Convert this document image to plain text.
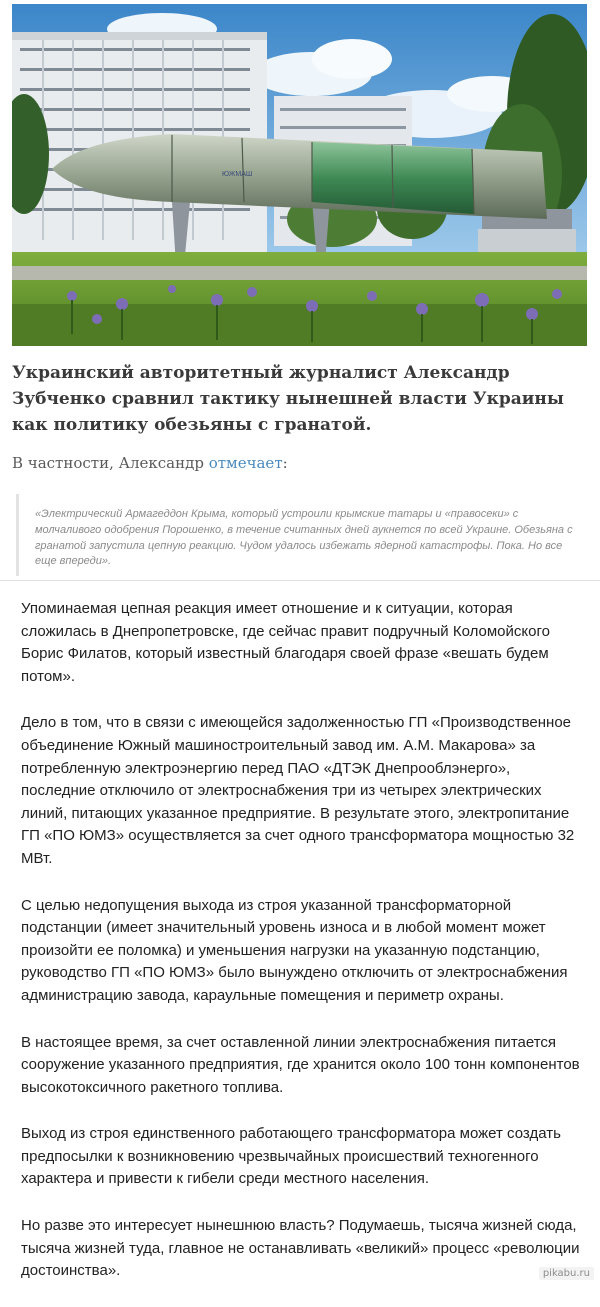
ЮЖМАШ

Украинский авторитетный журналист Александр Зубченко сравнил тактику нынешней власти Украины как политику обезьяны с гранатой.

В частности, Александр отмечает:

«Электрический Армагеддон Крыма, который устроили крымские татары и «правосеки» с молчаливого одобрения Порошенко, в течение считанных дней аукнется по всей Украине. Обезьяна с гранатой запустила цепную реакцию. Чудом удалось избежать ядерной катастрофы. Пока. Но все еще впереди».

Упоминаемая цепная реакция имеет отношение и к ситуации, которая сложилась в Днепропетровске, где сейчас правит подручный Коломойского Борис Филатов, который известный благодаря своей фразе «вешать будем потом».

Дело в том, что в связи с имеющейся задолженностью ГП «Производственное объединение Южный машиностроительный завод им. А.М. Макарова» за потребленную электроэнергию перед ПАО «ДТЭК Днепрооблэнерго», последние отключило от электроснабжения три из четырех электрических линий, питающих указанное предприятие. В результате этого, электропитание ГП «ПО ЮМЗ» осуществляется за счет одного трансформатора мощностью 32 МВт.

С целью недопущения выхода из строя указанной трансформаторной подстанции (имеет значительный уровень износа и в любой момент может произойти ее поломка) и уменьшения нагрузки на указанную подстанцию, руководство ГП «ПО ЮМЗ» было вынуждено отключить от электроснабжения администрацию завода, караульные помещения и периметр охраны.

В настоящее время, за счет оставленной линии электроснабжения питается сооружение указанного предприятия, где хранится около 100 тонн компонентов высокотоксичного ракетного топлива.

Выход из строя единственного работающего трансформатора может создать предпосылки к возникновению чрезвычайных происшествий техногенного характера и привести к гибели среди местного населения.

Но разве это интересует нынешнюю власть? Подумаешь, тысяча жизней сюда, тысяча жизней туда, главное не останавливать «великий» процесс «революции достоинства».	pikabu.ru
